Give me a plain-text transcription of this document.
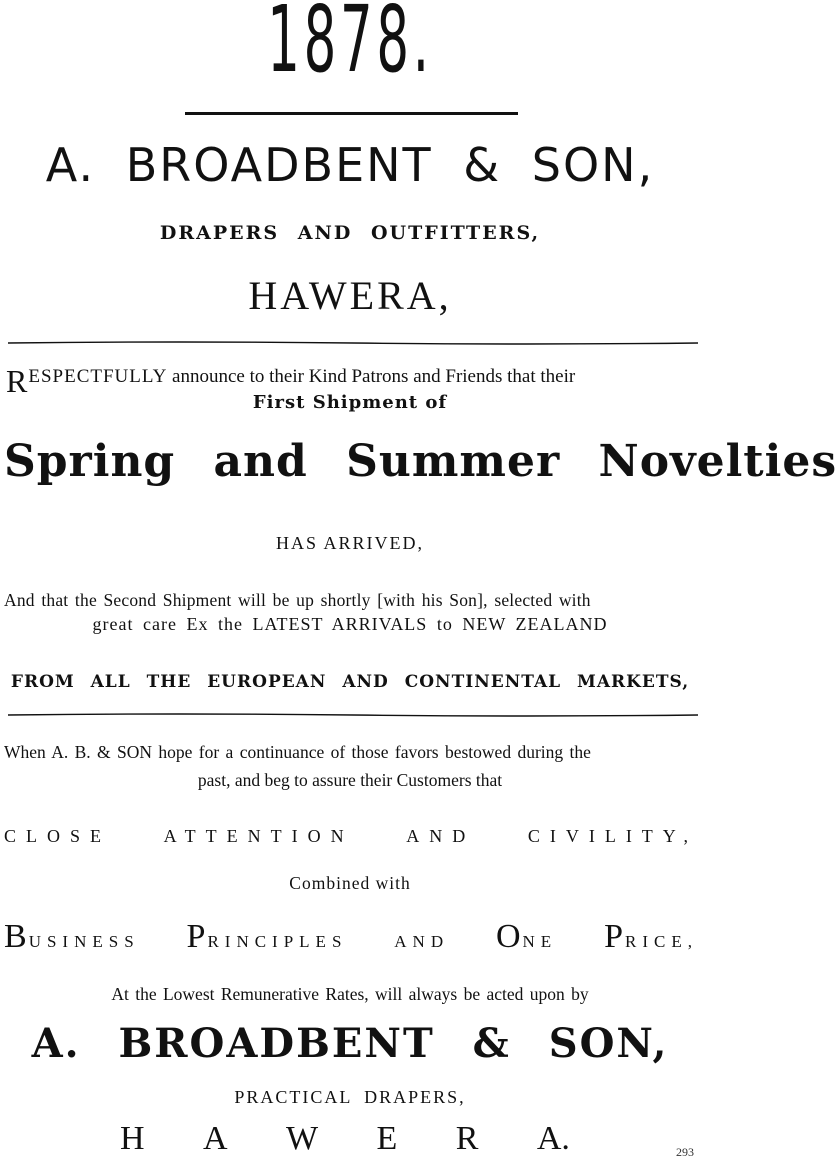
1878.
A. BROADBENT & SON,
DRAPERS AND OUTFITTERS,
HAWERA,
RESPECTFULLY announce to their Kind Patrons and Friends that their
First Shipment of
Spring and Summer Novelties
HAS ARRIVED,
And that the Second Shipment will be up shortly [with his Son], selected with
great care Ex the LATEST ARRIVALS to NEW ZEALAND
FROM ALL THE EUROPEAN AND CONTINENTAL MARKETS,
When A. B. & SON hope for a continuance of those favors bestowed during the
past, and beg to assure their Customers that
CLOSE	ATTENTION	AND	CIVILITY,
Combined with
BUSINESS PRINCIPLES	AND ONE PRICE,
At the Lowest Remunerative Rates, will always be acted upon by
A. BROADBENT & SON,
PRACTICAL DRAPERS,
H A W E R A.	293
